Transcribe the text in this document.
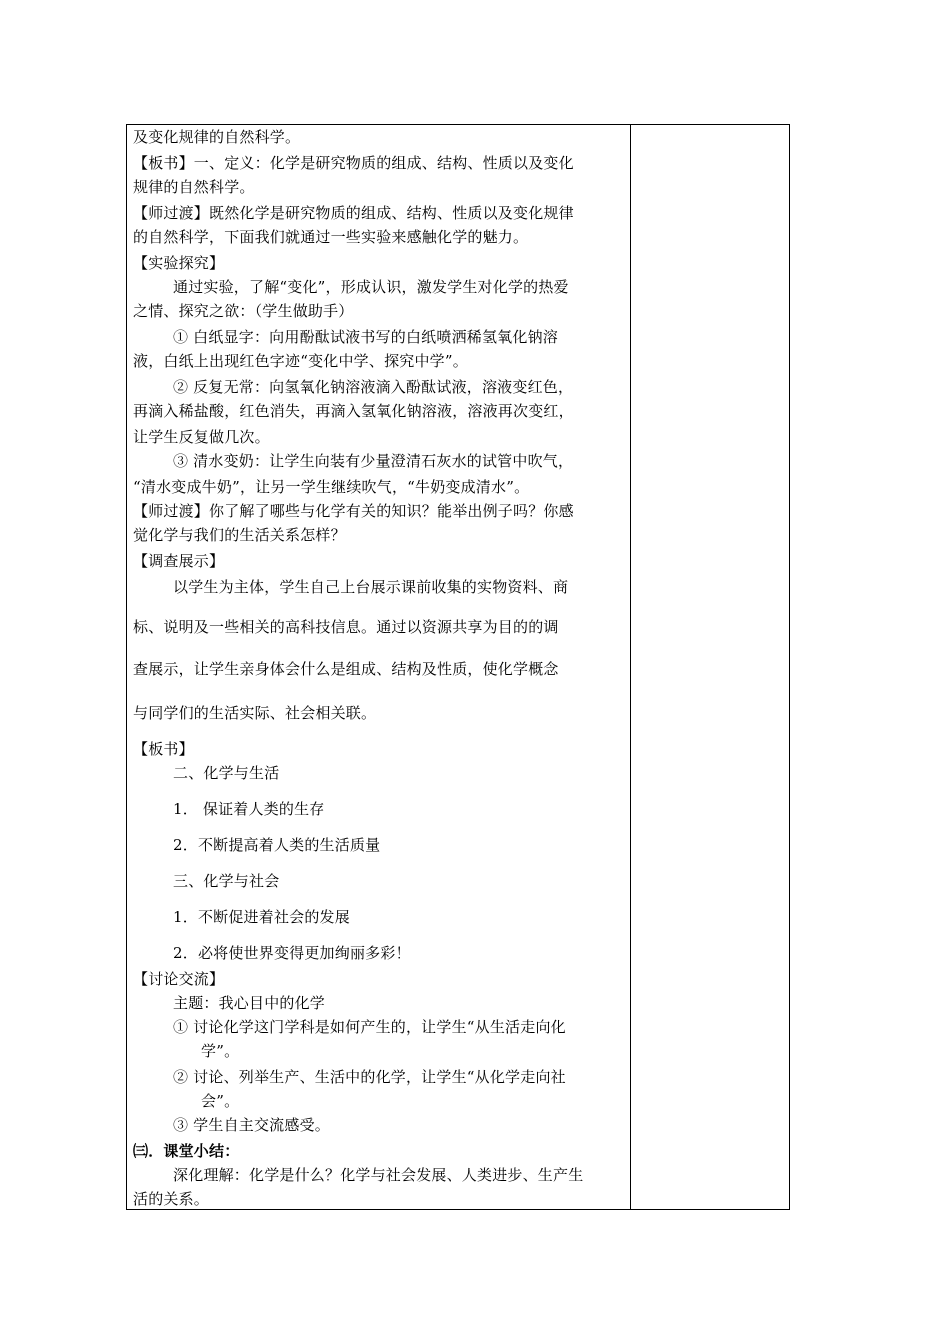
及变化规律的自然科学。
【板书】一、定义：化学是研究物质的组成、结构、性质以及变化
规律的自然科学。
【师过渡】既然化学是研究物质的组成、结构、性质以及变化规律
的自然科学，下面我们就通过一些实验来感触化学的魅力。
【实验探究】
通过实验，了解“变化”，形成认识，激发学生对化学的热爱
之情、探究之欲：（学生做助手）
① 白纸显字：向用酚酞试液书写的白纸喷洒稀氢氧化钠溶
液，白纸上出现红色字迹“变化中学、探究中学”。
② 反复无常：向氢氧化钠溶液滴入酚酞试液，溶液变红色，
再滴入稀盐酸，红色消失，再滴入氢氧化钠溶液，溶液再次变红，
让学生反复做几次。
③ 清水变奶：让学生向装有少量澄清石灰水的试管中吹气，
“清水变成牛奶”，让另一学生继续吹气，“牛奶变成清水”。
【师过渡】你了解了哪些与化学有关的知识？能举出例子吗？你感
觉化学与我们的生活关系怎样？
【调查展示】
以学生为主体，学生自己上台展示课前收集的实物资料、商
标、说明及一些相关的高科技信息。通过以资源共享为目的的调
查展示，让学生亲身体会什么是组成、结构及性质，使化学概念
与同学们的生活实际、社会相关联。
【板书】
二、化学与生活
1． 保证着人类的生存
2．不断提高着人类的生活质量
三、化学与社会
1．不断促进着社会的发展
2．必将使世界变得更加绚丽多彩！
【讨论交流】
主题：我心目中的化学
① 讨论化学这门学科是如何产生的，让学生“从生活走向化
学”。
② 讨论、列举生产、生活中的化学，让学生“从化学走向社
会”。
③ 学生自主交流感受。
㈢．课堂小结：
深化理解：化学是什么？化学与社会发展、人类进步、生产生
活的关系。
